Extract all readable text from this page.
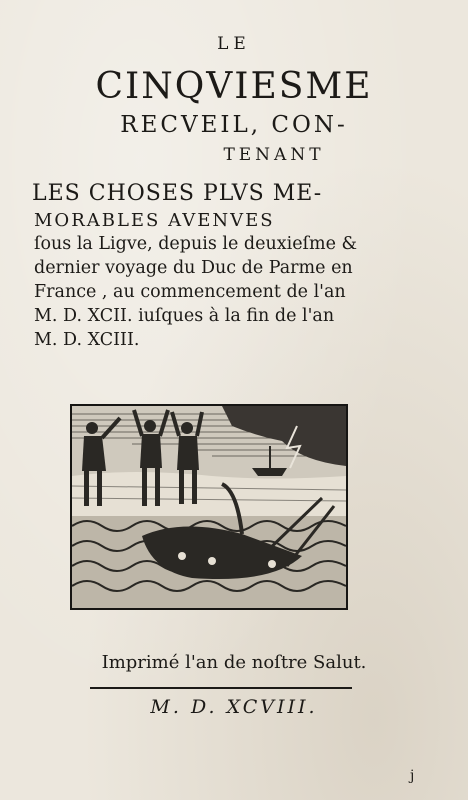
LE
CINQVIESME
RECVEIL, CON-
TENANT
LES CHOSES PLVS ME-
MORABLES AVENVES
ſous la Ligve, depuis le deuxieſme &
dernier voyage du Duc de Parme en
France , au commencement de l'an
M. D. XCII. iuſques à la fin de l'an
M. D. XCIII.
Imprimé l'an de noſtre Salut.
M. D. XCVIII.
j
